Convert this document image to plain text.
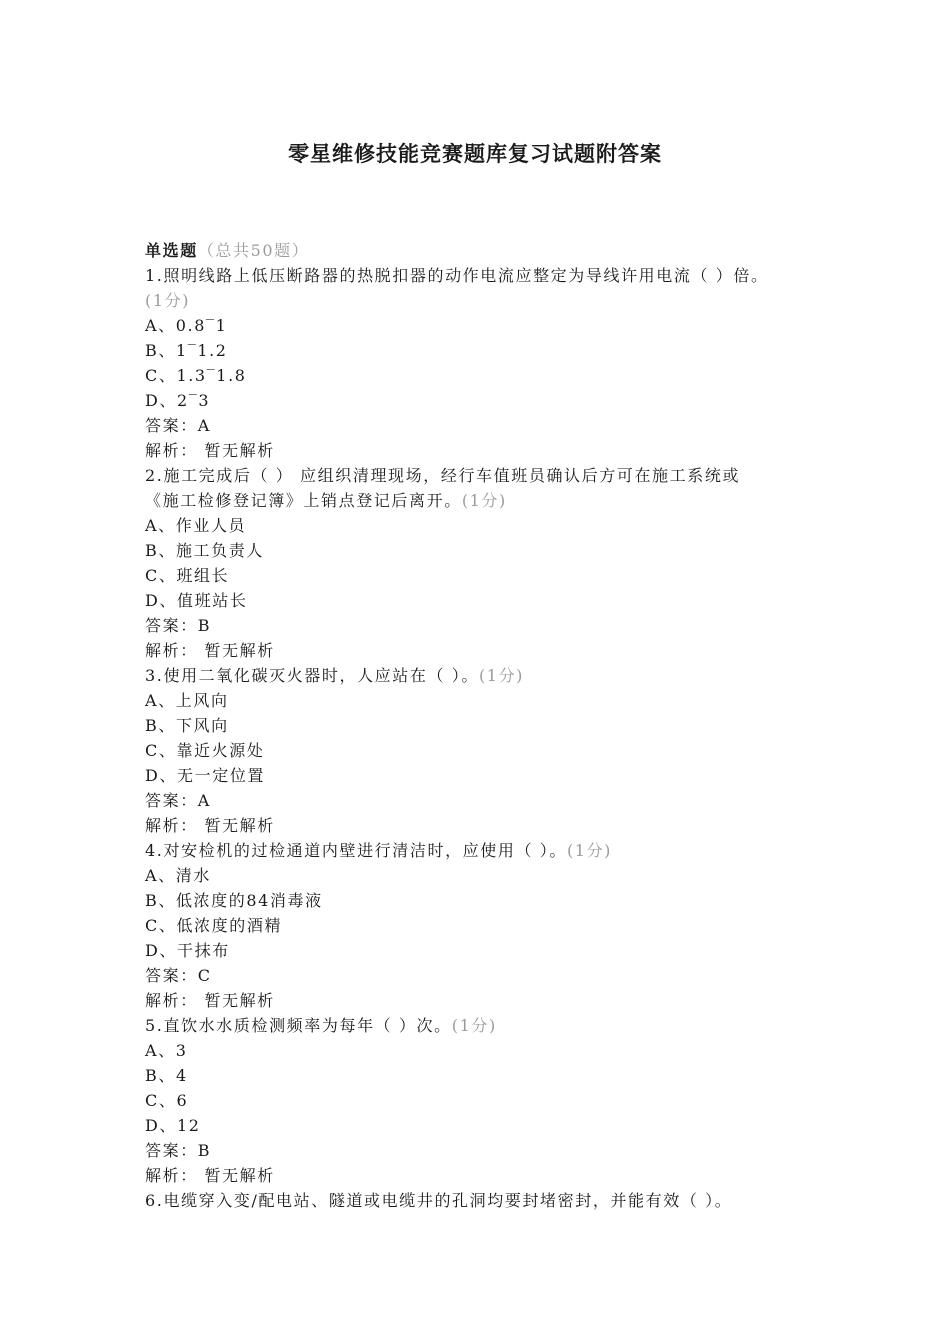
零星维修技能竞赛题库复习试题附答案
单选题（总共50题）
1.照明线路上低压断路器的热脱扣器的动作电流应整定为导线许用电流（ ）倍。
(1分)
A、0.8‾1
B、1‾1.2
C、1.3‾1.8
D、2‾3
答案：A
解析： 暂无解析
2.施工完成后（ ） 应组织清理现场，经行车值班员确认后方可在施工系统或
《施工检修登记簿》上销点登记后离开。(1分)
A、作业人员
B、施工负责人
C、班组长
D、值班站长
答案：B
解析： 暂无解析
3.使用二氧化碳灭火器时，人应站在（ ）。(1分)
A、上风向
B、下风向
C、靠近火源处
D、无一定位置
答案：A
解析： 暂无解析
4.对安检机的过检通道内壁进行清洁时，应使用（ ）。(1分)
A、清水
B、低浓度的84消毒液
C、低浓度的酒精
D、干抹布
答案：C
解析： 暂无解析
5.直饮水水质检测频率为每年（ ）次。(1分)
A、3
B、4
C、6
D、12
答案：B
解析： 暂无解析
6.电缆穿入变/配电站、隧道或电缆井的孔洞均要封堵密封，并能有效（ ）。
